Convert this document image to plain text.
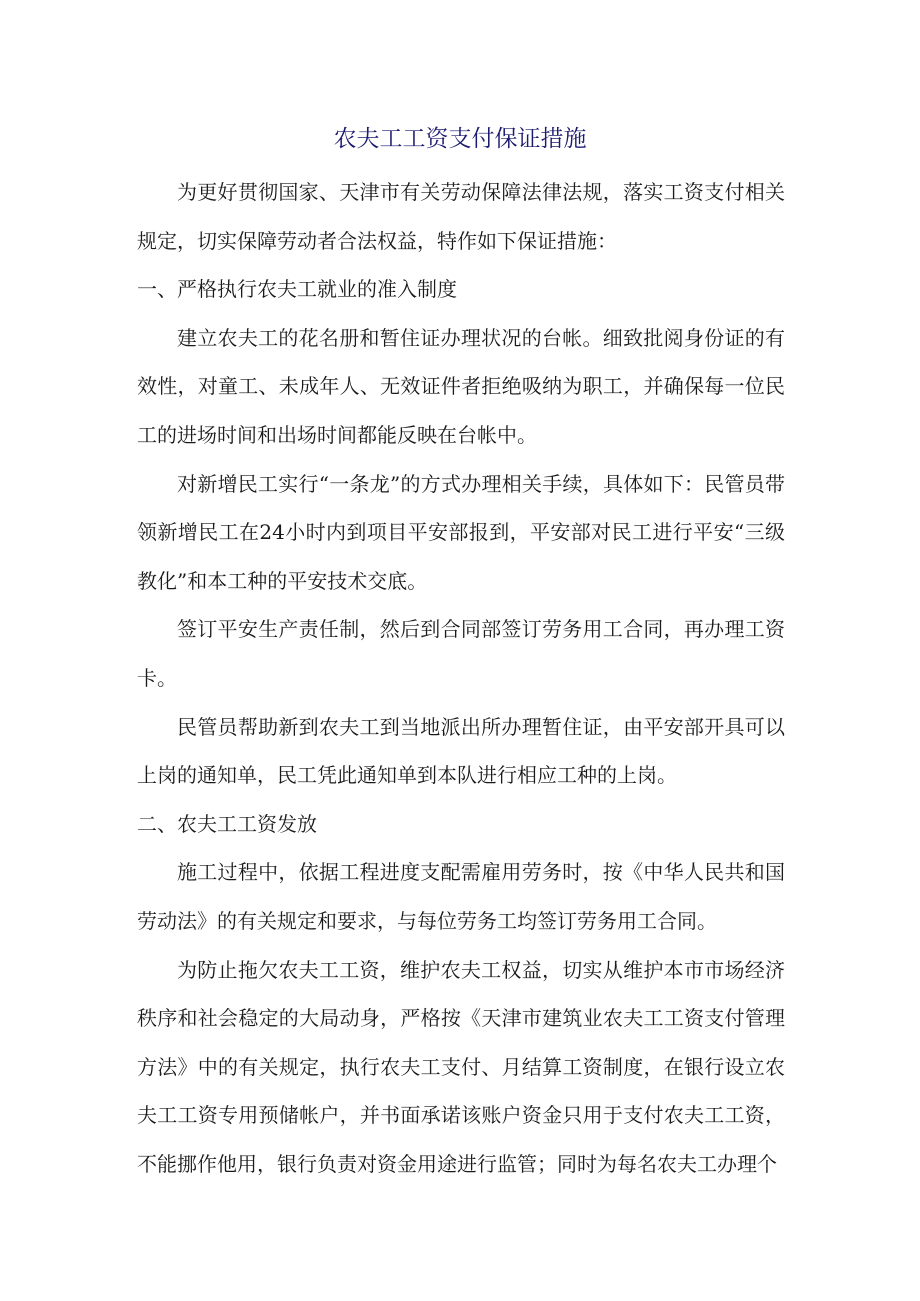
农夫工工资支付保证措施

为更好贯彻国家、天津市有关劳动保障法律法规，落实工资支付相关规定，切实保障劳动者合法权益，特作如下保证措施：

一、严格执行农夫工就业的准入制度

建立农夫工的花名册和暂住证办理状况的台帐。细致批阅身份证的有效性，对童工、未成年人、无效证件者拒绝吸纳为职工，并确保每一位民工的进场时间和出场时间都能反映在台帐中。

对新增民工实行“一条龙”的方式办理相关手续，具体如下：民管员带领新增民工在24小时内到项目平安部报到，平安部对民工进行平安“三级教化”和本工种的平安技术交底。

签订平安生产责任制，然后到合同部签订劳务用工合同，再办理工资卡。

民管员帮助新到农夫工到当地派出所办理暂住证，由平安部开具可以上岗的通知单，民工凭此通知单到本队进行相应工种的上岗。

二、农夫工工资发放

施工过程中，依据工程进度支配需雇用劳务时，按《中华人民共和国劳动法》的有关规定和要求，与每位劳务工均签订劳务用工合同。

为防止拖欠农夫工工资，维护农夫工权益，切实从维护本市市场经济秩序和社会稳定的大局动身，严格按《天津市建筑业农夫工工资支付管理方法》中的有关规定，执行农夫工支付、月结算工资制度，在银行设立农夫工工资专用预储帐户，并书面承诺该账户资金只用于支付农夫工工资，不能挪作他用，银行负责对资金用途进行监管；同时为每名农夫工办理个
